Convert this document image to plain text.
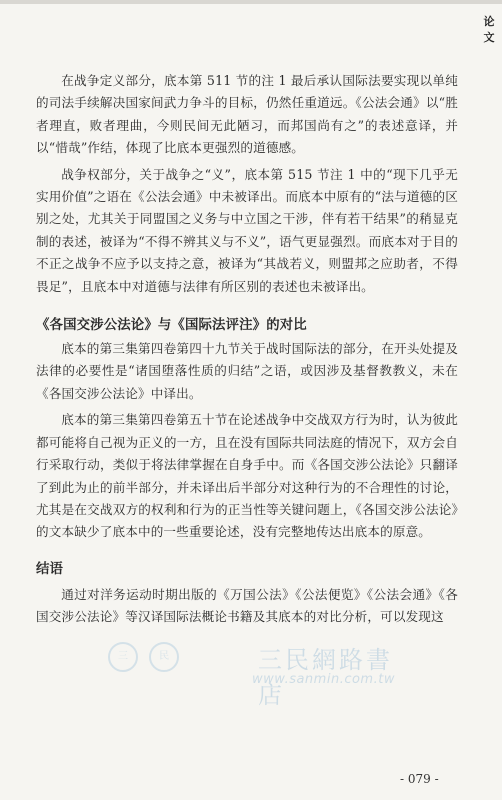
论
文

在战争定义部分，底本第 511 节的注 1 最后承认国际法要实现以单纯的司法手续解决国家间武力争斗的目标，仍然任重道远。《公法会通》以“胜者理直，败者理曲，今则民间无此陋习，而邦国尚有之”的表述意译，并以“惜哉”作结，体现了比底本更强烈的道德感。

战争权部分，关于战争之“义”，底本第 515 节注 1 中的“现下几乎无实用价值”之语在《公法会通》中未被译出。而底本中原有的“法与道德的区别之处，尤其关于同盟国之义务与中立国之干涉，伴有若干结果”的稍显克制的表述，被译为“不得不辨其义与不义”，语气更显强烈。而底本对于目的不正之战争不应予以支持之意，被译为“其战若义，则盟邦之应助者，不得畏足”，且底本中对道德与法律有所区别的表述也未被译出。

《各国交涉公法论》与《国际法评注》的对比

底本的第三集第四卷第四十九节关于战时国际法的部分，在开头处提及法律的必要性是“诸国堕落性质的归结”之语，或因涉及基督教教义，未在《各国交涉公法论》中译出。

底本的第三集第四卷第五十节在论述战争中交战双方行为时，认为彼此都可能将自己视为正义的一方，且在没有国际共同法庭的情况下，双方会自行采取行动，类似于将法律掌握在自身手中。而《各国交涉公法论》只翻译了到此为止的前半部分，并未译出后半部分对这种行为的不合理性的讨论，尤其是在交战双方的权利和行为的正当性等关键问题上，《各国交涉公法论》的文本缺少了底本中的一些重要论述，没有完整地传达出底本的原意。

结语

通过对洋务运动时期出版的《万国公法》《公法便览》《公法会通》《各国交涉公法论》等汉译国际法概论书籍及其底本的对比分析，可以发现这

三	民	三民網路書店
www.sanmin.com.tw
- 079 -
